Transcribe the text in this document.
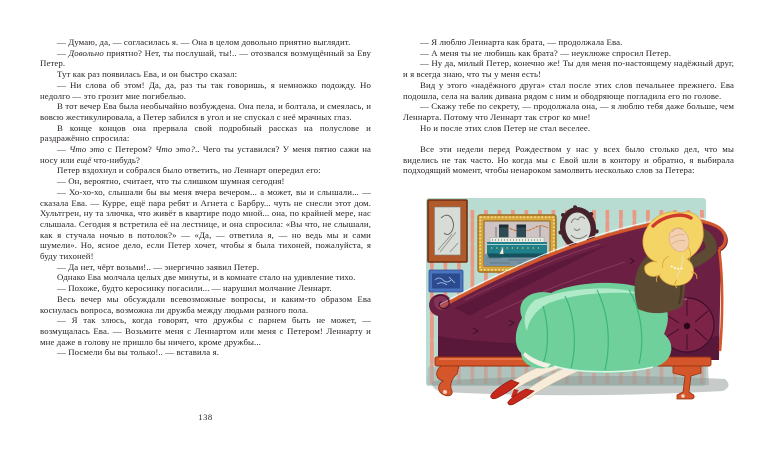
— Думаю, да, — согласилась я. — Она в целом довольно приятно выглядит.

— Довольно приятно? Нет, ты послушай, ты!.. — отозвался возмущённый за Еву Петер.

Тут как раз появилась Ева, и он быстро сказал:

— Ни слова об этом! Да, да, раз ты так говоришь, я немножко подожду. Но недолго — это грозит мне погибелью.

В тот вечер Ева была необычайно возбуждена. Она пела, и болтала, и смеялась, и вовсю жестикулировала, а Петер забился в угол и не спускал с неё мрачных глаз.

В конце концов она прервала свой подробный рассказ на полуслове и раздражённо спросила:

— Что это с Петером? Что это?.. Чего ты уставился? У меня пятно сажи на носу или ещё что-нибудь?

Петер вздохнул и собрался было ответить, но Леннарт опередил его:

— Он, вероятно, считает, что ты слишком шумная сегодня!

— Хо-хо-хо, слышали бы вы меня вчера вечером... а может, вы и слышали... — сказала Ева. — Курре, ещё пара ребят и Агнета с Барбру... чуть не снесли этот дом. Хультгрен, ну та злючка, что живёт в квартире подо мной... она, по крайней мере, нас слышала. Сегодня я встретила её на лестнице, и она спросила: «Вы что, не слышали, как я стучала ночью в потолок?» — «Да, — ответила я, — но ведь мы и сами шумели». Но, ясное дело, если Петер хочет, чтобы я была тихоней, пожалуйста, я буду тихоней!

— Да нет, чёрт возьми!.. — энергично заявил Петер.

Однако Ева молчала целых две минуты, и в комнате стало на удивление тихо.

— Похоже, будто керосинку погасили... — нарушил молчание Леннарт.

Весь вечер мы обсуждали всевозможные вопросы, и каким-то образом Ева коснулась вопроса, возможна ли дружба между людьми разного пола.

— Я так злюсь, когда говорят, что дружбы с парнем быть не может, — возмущалась Ева. — Возьмите меня с Леннартом или меня с Петером! Леннарту и мне даже в голову не пришло бы ничего, кроме дружбы...

— Посмели бы вы только!.. — вставила я.

138

— Я люблю Леннарта как брата, — продолжала Ева.

— А меня ты не любишь как брата? — неуклюже спросил Петер.

— Ну да, милый Петер, конечно же! Ты для меня по-настоящему надёжный друг, и я всегда знаю, что ты у меня есть!

Вид у этого «надёжного друга» стал после этих слов печальнее прежнего. Ева подошла, села на валик дивана рядом с ним и ободряюще погладила его по голове.

— Скажу тебе по секрету, — продолжала она, — я люблю тебя даже больше, чем Леннарта. Потому что Леннарт так строг ко мне!

Но и после этих слов Петер не стал веселее.

Все эти недели перед Рождеством у нас у всех было столько дел, что мы виделись не так часто. Но когда мы с Евой шли в контору и обратно, я выбирала подходящий момент, чтобы ненароком замолвить несколько слов за Петера:
